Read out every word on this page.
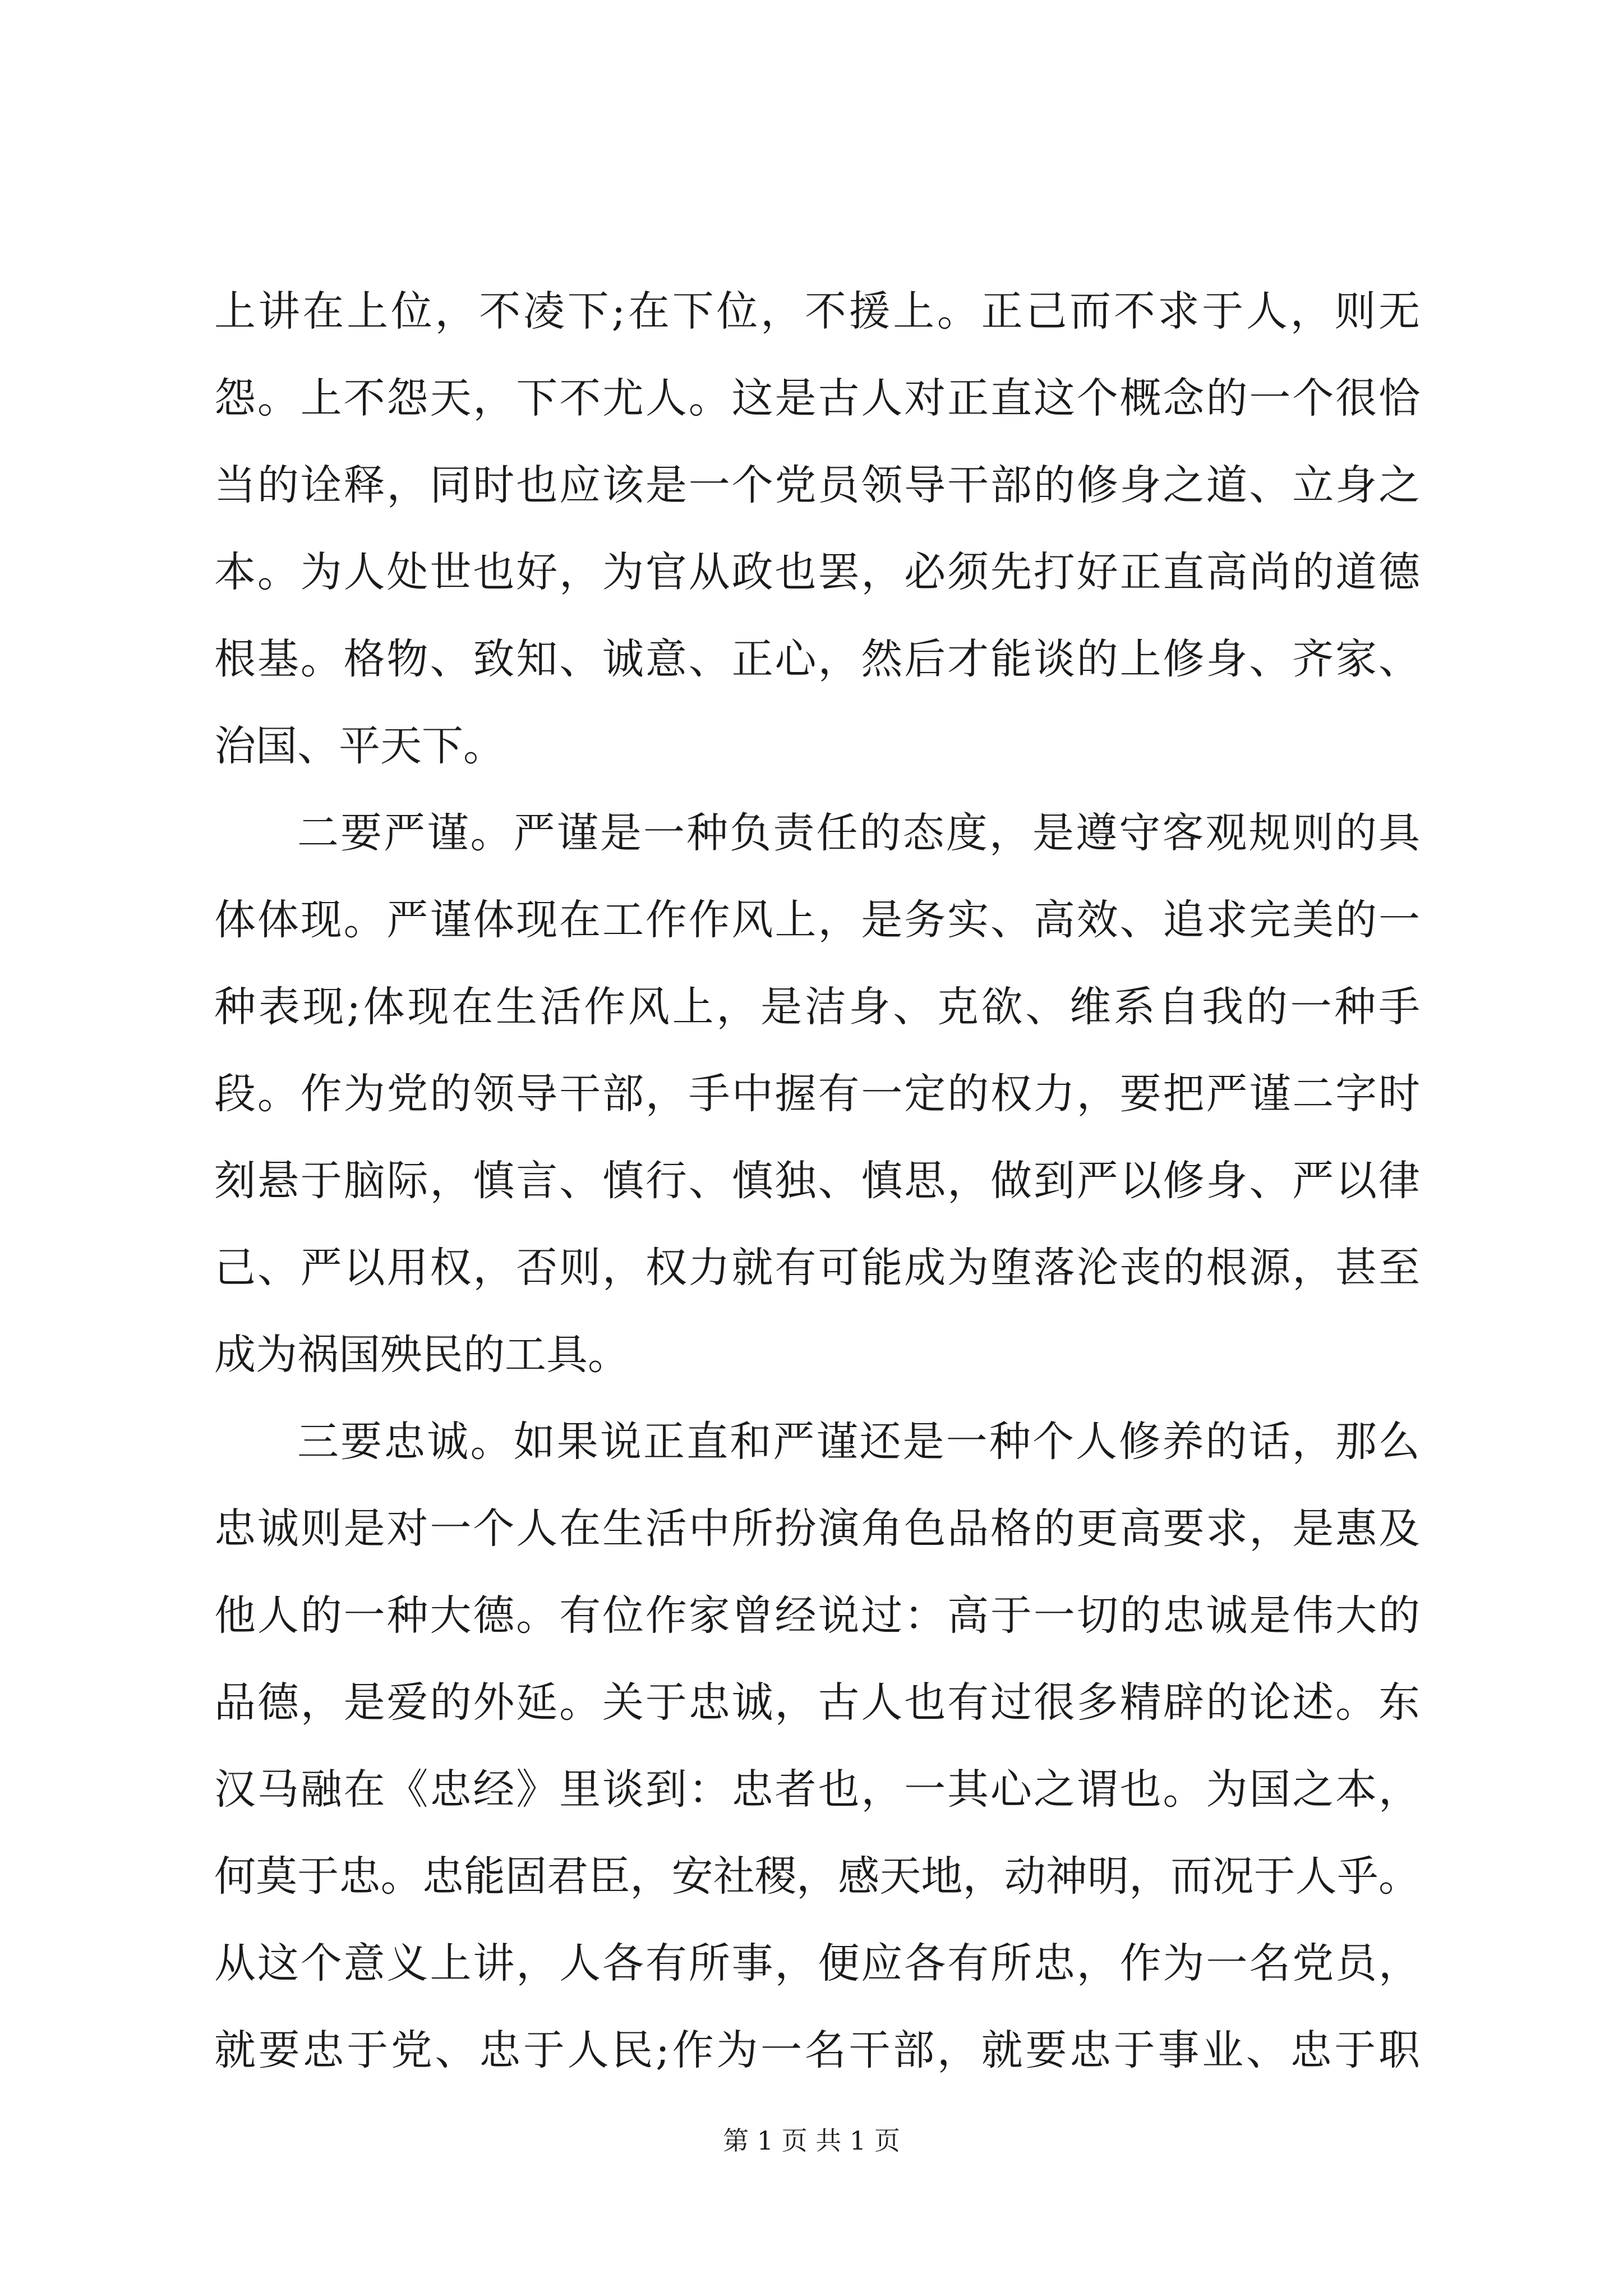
上讲在上位，不凌下;在下位，不援上。正己而不求于人，则无
怨。上不怨天，下不尤人。这是古人对正直这个概念的一个很恰
当的诠释，同时也应该是一个党员领导干部的修身之道、立身之
本。为人处世也好，为官从政也罢，必须先打好正直高尚的道德
根基。格物、致知、诚意、正心，然后才能谈的上修身、齐家、
治国、平天下。
二要严谨。严谨是一种负责任的态度，是遵守客观规则的具
体体现。严谨体现在工作作风上，是务实、高效、追求完美的一
种表现;体现在生活作风上，是洁身、克欲、维系自我的一种手
段。作为党的领导干部，手中握有一定的权力，要把严谨二字时
刻悬于脑际，慎言、慎行、慎独、慎思，做到严以修身、严以律
己、严以用权，否则，权力就有可能成为堕落沦丧的根源，甚至
成为祸国殃民的工具。
三要忠诚。如果说正直和严谨还是一种个人修养的话，那么
忠诚则是对一个人在生活中所扮演角色品格的更高要求，是惠及
他人的一种大德。有位作家曾经说过：高于一切的忠诚是伟大的
品德，是爱的外延。关于忠诚，古人也有过很多精辟的论述。东
汉马融在《忠经》里谈到：忠者也，一其心之谓也。为国之本，
何莫于忠。忠能固君臣，安社稷，感天地，动神明，而况于人乎。
从这个意义上讲，人各有所事，便应各有所忠，作为一名党员，
就要忠于党、忠于人民;作为一名干部，就要忠于事业、忠于职
第 1 页 共 1 页
